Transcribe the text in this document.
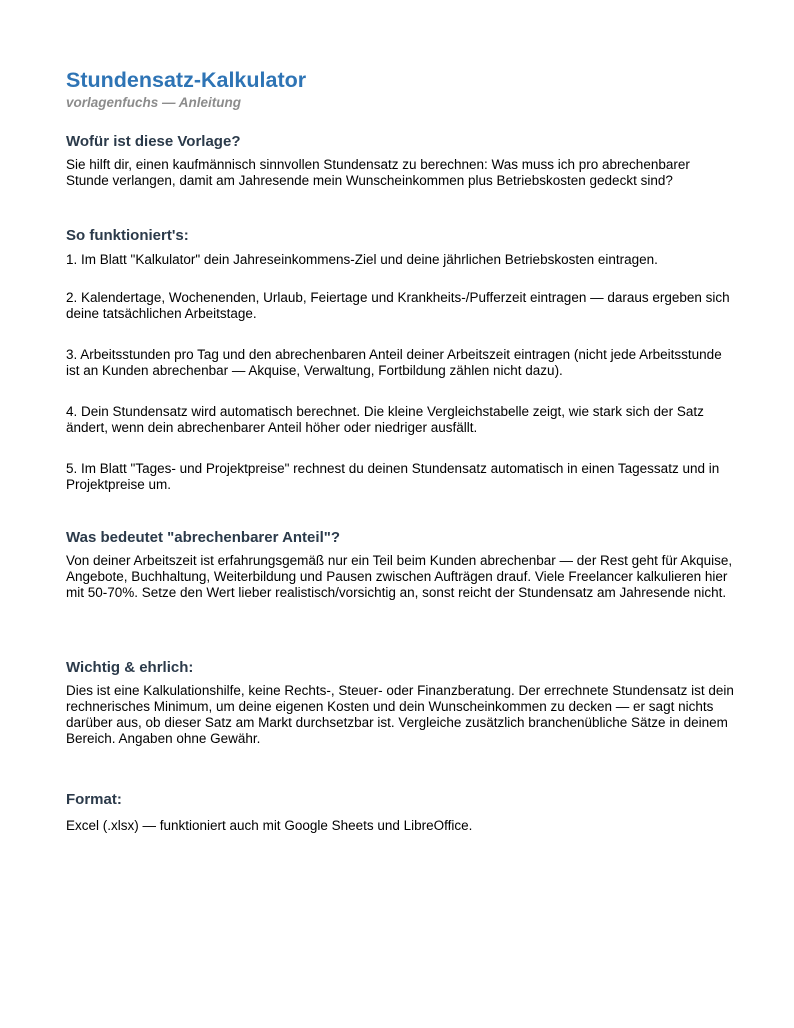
Stundensatz-Kalkulator
vorlagenfuchs — Anleitung
Wofür ist diese Vorlage?

Sie hilft dir, einen kaufmännisch sinnvollen Stundensatz zu berechnen: Was muss ich pro abrechenbarer Stunde verlangen, damit am Jahresende mein Wunscheinkommen plus Betriebskosten gedeckt sind?

So funktioniert's:

1. Im Blatt "Kalkulator" dein Jahreseinkommens-Ziel und deine jährlichen Betriebskosten eintragen.

2. Kalendertage, Wochenenden, Urlaub, Feiertage und Krankheits-/Pufferzeit eintragen — daraus ergeben sich deine tatsächlichen Arbeitstage.

3. Arbeitsstunden pro Tag und den abrechenbaren Anteil deiner Arbeitszeit eintragen (nicht jede Arbeitsstunde ist an Kunden abrechenbar — Akquise, Verwaltung, Fortbildung zählen nicht dazu).

4. Dein Stundensatz wird automatisch berechnet. Die kleine Vergleichstabelle zeigt, wie stark sich der Satz ändert, wenn dein abrechenbarer Anteil höher oder niedriger ausfällt.

5. Im Blatt "Tages- und Projektpreise" rechnest du deinen Stundensatz automatisch in einen Tagessatz und in Projektpreise um.

Was bedeutet "abrechenbarer Anteil"?

Von deiner Arbeitszeit ist erfahrungsgemäß nur ein Teil beim Kunden abrechenbar — der Rest geht für Akquise, Angebote, Buchhaltung, Weiterbildung und Pausen zwischen Aufträgen drauf. Viele Freelancer kalkulieren hier mit 50-70%. Setze den Wert lieber realistisch/vorsichtig an, sonst reicht der Stundensatz am Jahresende nicht.

Wichtig & ehrlich:

Dies ist eine Kalkulationshilfe, keine Rechts-, Steuer- oder Finanzberatung. Der errechnete Stundensatz ist dein rechnerisches Minimum, um deine eigenen Kosten und dein Wunscheinkommen zu decken — er sagt nichts darüber aus, ob dieser Satz am Markt durchsetzbar ist. Vergleiche zusätzlich branchenübliche Sätze in deinem Bereich. Angaben ohne Gewähr.

Format:

Excel (.xlsx) — funktioniert auch mit Google Sheets und LibreOffice.
